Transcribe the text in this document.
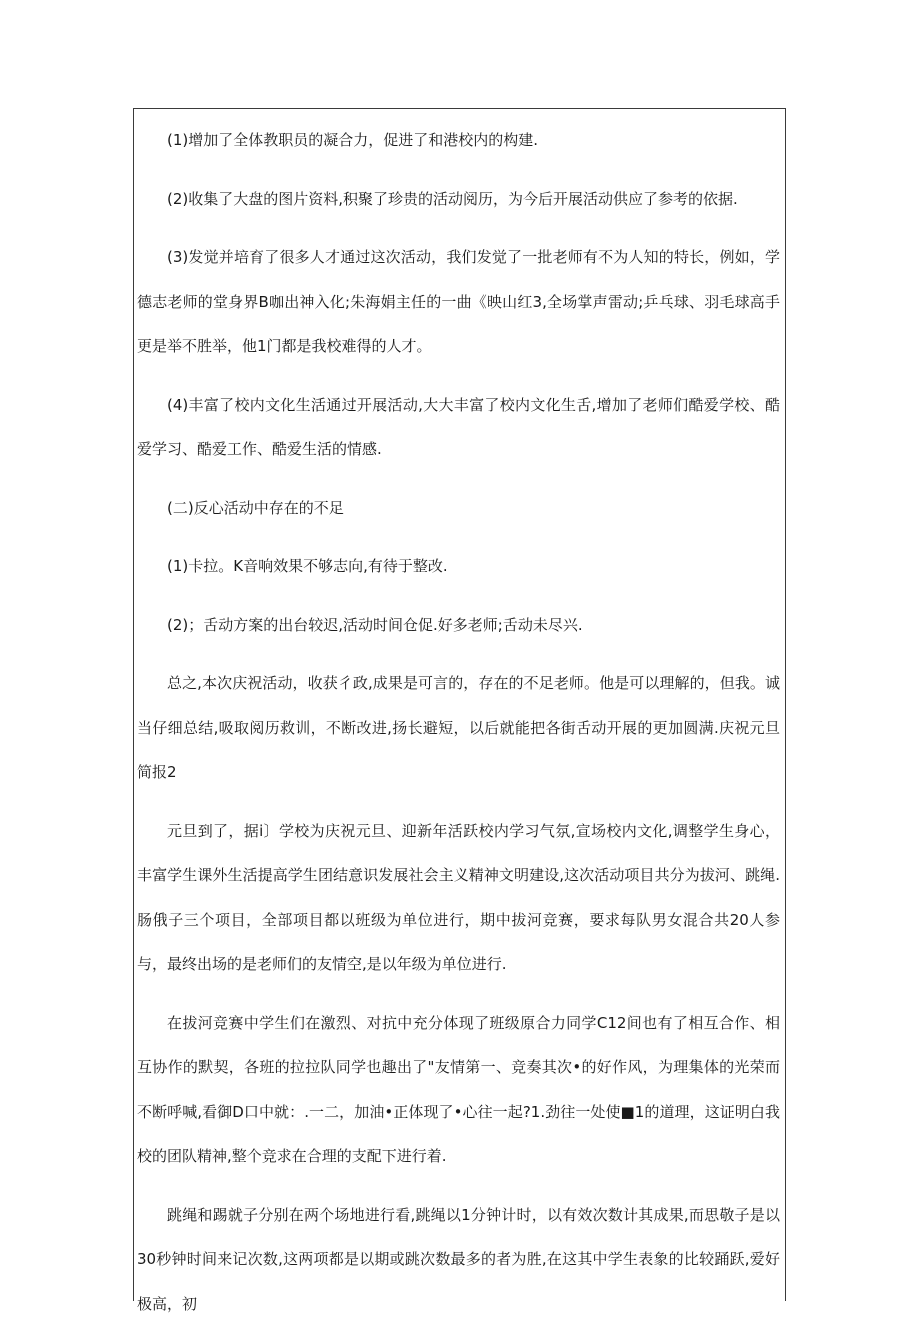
(1)增加了全体教职员的凝合力，促进了和港校内的构建.

(2)收集了大盘的图片资料,积聚了珍贵的活动阅历，为今后开展活动供应了参考的依据.

(3)发觉并培育了很多人才通过这次活动，我们发觉了一批老师有不为人知的特长，例如，学德志老师的堂身界B咖出神入化;朱海娟主任的一曲《映山红3,全场掌声雷动;乒乓球、羽毛球高手更是举不胜举，他1门都是我校难得的人才。

(4)丰富了校内文化生活通过开展活动,大大丰富了校内文化生舌,增加了老师们酷爱学校、酷爱学习、酷爱工作、酷爱生活的情感.

(二)反心活动中存在的不足

(1)卡拉。K音响效果不够志向,有待于整改.

(2)；舌动方案的出台较迟,活动时间仓促.好多老师;舌动未尽兴.

总之,本次庆祝活动，收获彳政,成果是可言的，存在的不足老师。他是可以理解的，但我。诚当仔细总结,吸取阅历救训，不断改进,扬长避短，以后就能把各街舌动开展的更加圆满.庆祝元旦简报2

元旦到了，据i〕学校为庆祝元旦、迎新年活跃校内学习气氛,宣场校内文化,调整学生身心，丰富学生课外生活提高学生团结意识发展社会主义精神文明建设,这次活动项目共分为拔河、跳绳.肠俄子三个项目，全部项目都以班级为单位进行，期中拔河竞赛，要求每队男女混合共20人参与，最终出场的是老师们的友情空,是以年级为单位进行.

在拔河竞赛中学生们在激烈、对抗中充分体现了班级原合力同学C12间也有了相互合作、相互协作的默契，各班的拉拉队同学也趣出了"友情第一、竞奏其次•的好作风，为理集体的光荣而不断呼喊,看御D口中就：.一二，加油•正体现了•心往一起?1.劲往一处使■1的道理，这证明白我校的团队精神,整个竞求在合理的支配下进行着.

跳绳和踢就子分别在两个场地进行看,跳绳以1分钟计时，以有效次数计其成果,而思敬子是以30秒钟时间来记次数,这两项都是以期或跳次数最多的者为胜,在这其中学生表象的比较踊跃,爱好极高，初
